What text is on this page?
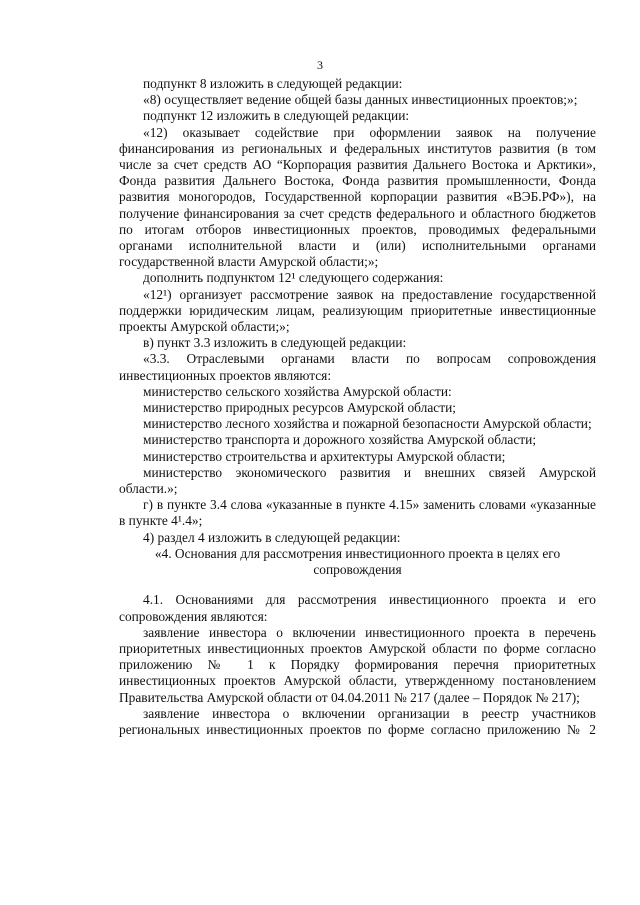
3

подпункт 8 изложить в следующей редакции:

«8) осуществляет ведение общей базы данных инвестиционных проектов;»;

подпункт 12 изложить в следующей редакции:

«12) оказывает содействие при оформлении заявок на получение финансирования из региональных и федеральных институтов развития (в том числе за счет средств АО “Корпорация развития Дальнего Востока и Арктики», Фонда развития Дальнего Востока, Фонда развития промышленности, Фонда развития моногородов, Государственной корпорации развития «ВЭБ.РФ»), на получение финансирования за счет средств федерального и областного бюджетов по итогам отборов инвестиционных проектов, проводимых федеральными органами исполнительной власти и (или) исполнительными органами государственной власти Амурской области;»;

дополнить подпунктом 12¹ следующего содержания:

«12¹) организует рассмотрение заявок на предоставление государственной поддержки юридическим лицам, реализующим приоритетные инвестиционные проекты Амурской области;»;

в) пункт 3.3 изложить в следующей редакции:

«3.3. Отраслевыми органами власти по вопросам сопровождения инвестиционных проектов являются:

министерство сельского хозяйства Амурской области:

министерство природных ресурсов Амурской области;

министерство лесного хозяйства и пожарной безопасности Амурской области;

министерство транспорта и дорожного хозяйства Амурской области;

министерство строительства и архитектуры Амурской области;

министерство экономического развития и внешних связей Амурской области.»;

г) в пункте 3.4 слова «указанные в пункте 4.15» заменить словами «указанные в пункте 4¹.4»;

4) раздел 4 изложить в следующей редакции:

«4. Основания для рассмотрения инвестиционного проекта в целях его сопровождения

4.1. Основаниями для рассмотрения инвестиционного проекта и его сопровождения являются:

заявление инвестора о включении инвестиционного проекта в перечень приоритетных инвестиционных проектов Амурской области по форме согласно приложению № 1 к Порядку формирования перечня приоритетных инвестиционных проектов Амурской области, утвержденному постановлением Правительства Амурской области от 04.04.2011 № 217 (далее – Порядок № 217);

заявление инвестора о включении организации в реестр участников региональных инвестиционных проектов по форме согласно приложению № 2
